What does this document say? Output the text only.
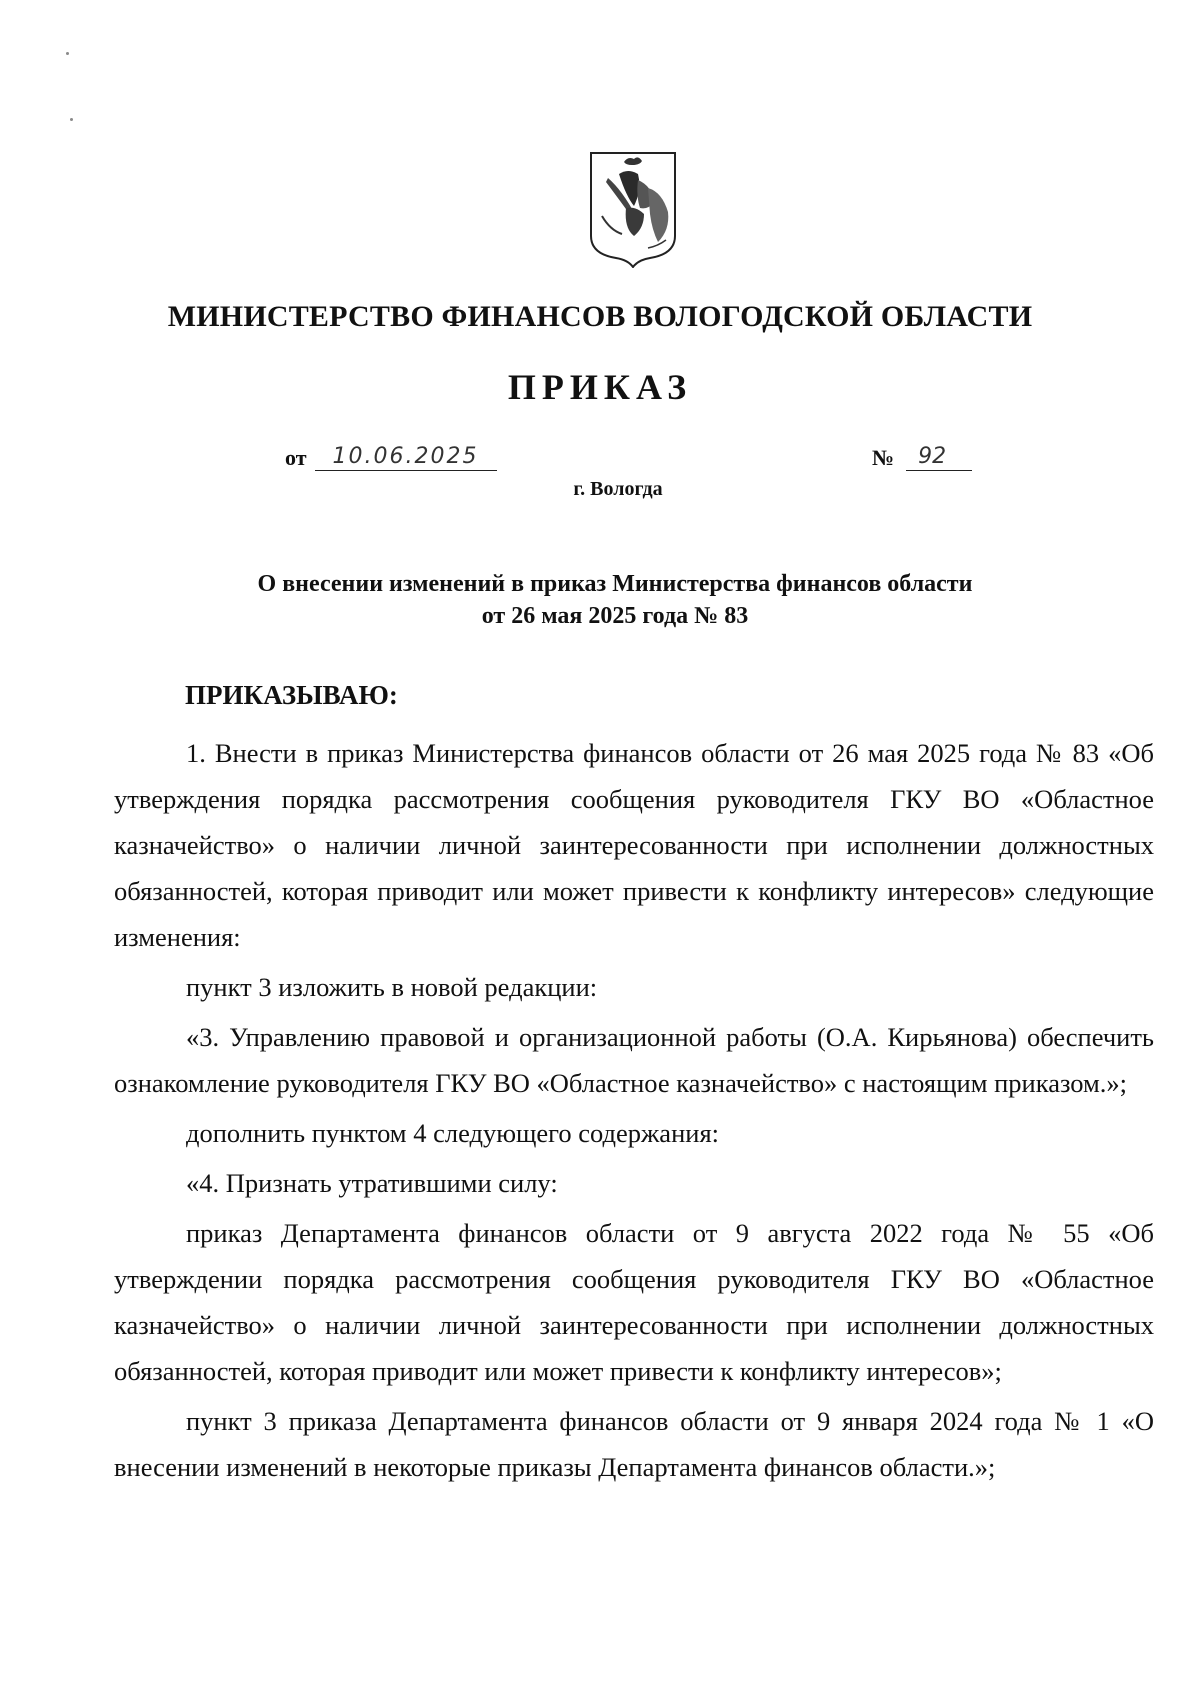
МИНИСТЕРСТВО ФИНАНСОВ ВОЛОГОДСКОЙ ОБЛАСТИ
ПРИКАЗ
от	10.06.2025	№	92
г. Вологда
О внесении изменений в приказ Министерства финансов области
от 26 мая 2025 года № 83
ПРИКАЗЫВАЮ:

1. Внести в приказ Министерства финансов области от 26 мая 2025 года № 83 «Об утверждения порядка рассмотрения сообщения руководителя ГКУ ВО «Областное казначейство» о наличии личной заинтересованности при исполнении должностных обязанностей, которая приводит или может привести к конфликту интересов» следующие изменения:

пункт 3 изложить в новой редакции:

«3. Управлению правовой и организационной работы (О.А. Кирьянова) обеспечить ознакомление руководителя ГКУ ВО «Областное казначейство» с настоящим приказом.»;

дополнить пунктом 4 следующего содержания:

«4. Признать утратившими силу:

приказ Департамента финансов области от 9 августа 2022 года № 55 «Об утверждении порядка рассмотрения сообщения руководителя ГКУ ВО «Областное казначейство» о наличии личной заинтересованности при исполнении должностных обязанностей, которая приводит или может привести к конфликту интересов»;

пункт 3 приказа Департамента финансов области от 9 января 2024 года № 1 «О внесении изменений в некоторые приказы Департамента финансов области.»;
